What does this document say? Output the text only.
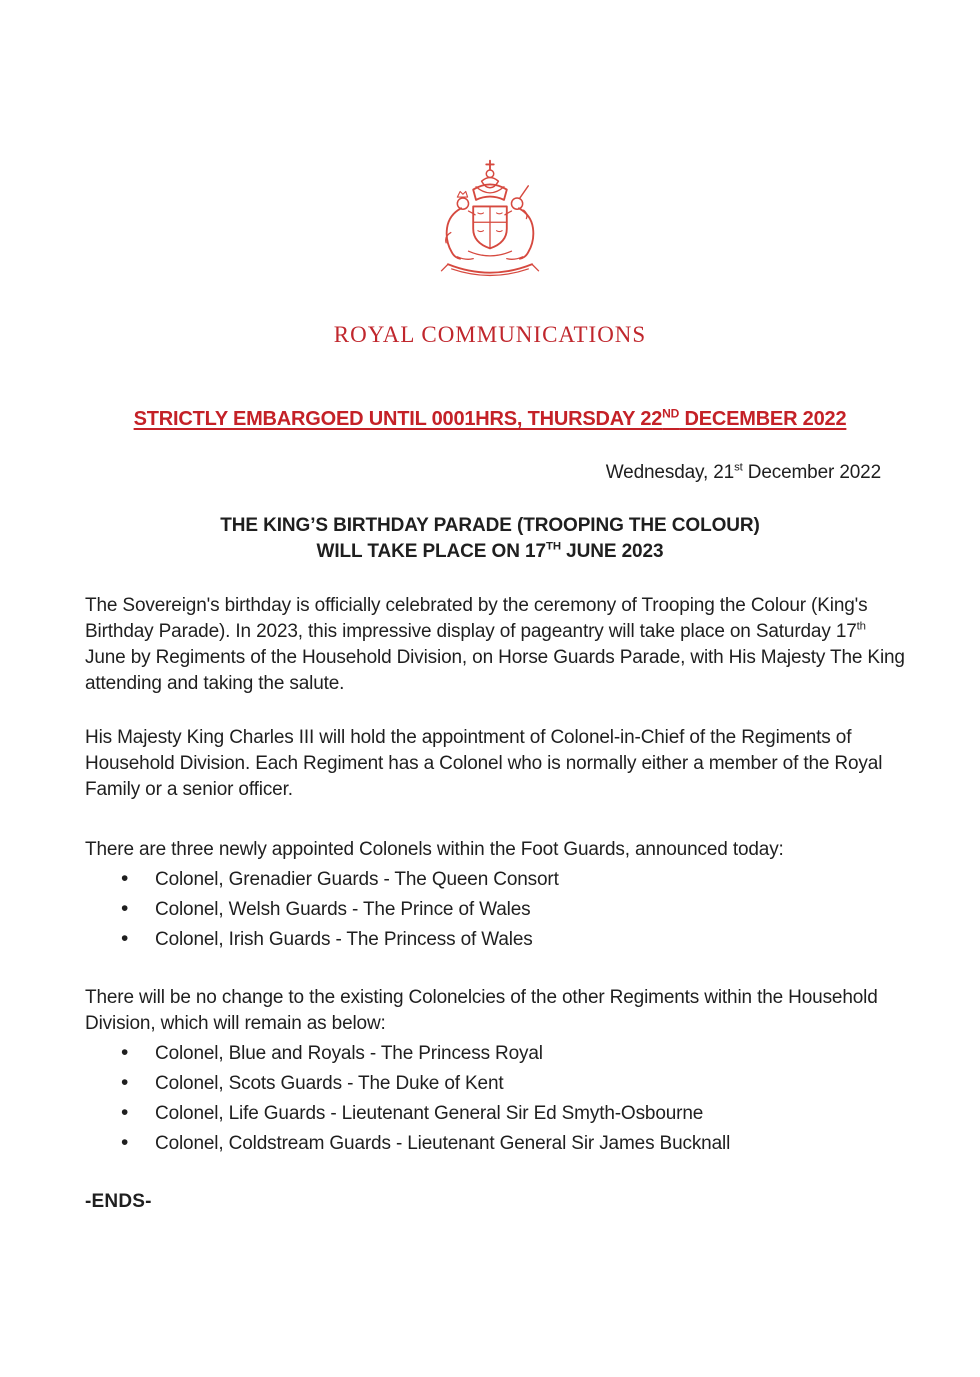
ROYAL COMMUNICATIONS

STRICTLY EMBARGOED UNTIL 0001HRS, THURSDAY 22ND DECEMBER 2022

Wednesday, 21st December 2022

THE KING’S BIRTHDAY PARADE (TROOPING THE COLOUR)
WILL TAKE PLACE ON 17TH JUNE 2023

The Sovereign's birthday is officially celebrated by the ceremony of Trooping the Colour (King's Birthday Parade). In 2023, this impressive display of pageantry will take place on Saturday 17th June by Regiments of the Household Division, on Horse Guards Parade, with His Majesty The King attending and taking the salute.

His Majesty King Charles III will hold the appointment of Colonel-in-Chief of the Regiments of Household Division. Each Regiment has a Colonel who is normally either a member of the Royal Family or a senior officer.

There are three newly appointed Colonels within the Foot Guards, announced today:

• Colonel, Grenadier Guards - The Queen Consort
• Colonel, Welsh Guards - The Prince of Wales
• Colonel, Irish Guards - The Princess of Wales

There will be no change to the existing Colonelcies of the other Regiments within the Household Division, which will remain as below:

• Colonel, Blue and Royals - The Princess Royal
• Colonel, Scots Guards - The Duke of Kent
• Colonel, Life Guards - Lieutenant General Sir Ed Smyth-Osbourne
• Colonel, Coldstream Guards - Lieutenant General Sir James Bucknall

-ENDS-
